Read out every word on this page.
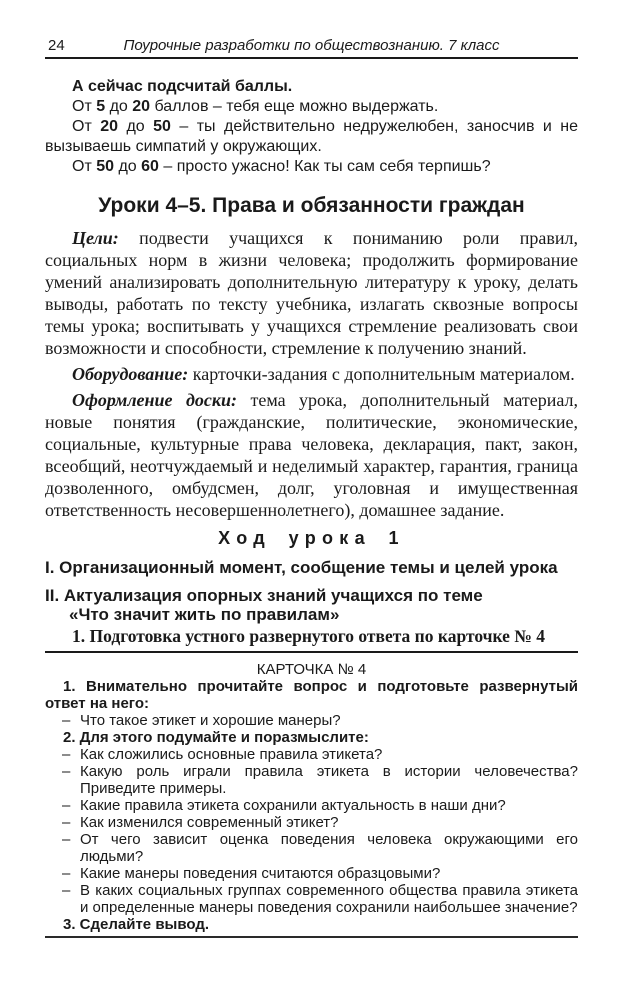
24	Поурочные разработки по обществознанию. 7 класс

А сейчас подсчитай баллы.

От 5 до 20 баллов – тебя еще можно выдержать.

От 20 до 50 – ты действительно недружелюбен, заносчив и не вызываешь симпатий у окружающих.

От 50 до 60 – просто ужасно! Как ты сам себя терпишь?

Уроки 4–5. Права и обязанности граждан

Цели: подвести учащихся к пониманию роли правил, социальных норм в жизни человека; продолжить формирование умений анализировать дополнительную литературу к уроку, делать выводы, работать по тексту учебника, излагать сквозные вопросы темы урока; воспитывать у учащихся стремление реализовать свои возможности и способности, стремление к получению знаний.

Оборудование: карточки-задания с дополнительным материалом.

Оформление доски: тема урока, дополнительный материал, новые понятия (гражданские, политические, экономические, социальные, культурные права человека, декларация, пакт, закон, всеобщий, неотчуждаемый и неделимый характер, гарантия, граница дозволенного, омбудсмен, долг, уголовная и имущественная ответственность несовершеннолетнего), домашнее задание.

Ход урока 1

I. Организационный момент, сообщение темы и целей урока

II. Актуализация опорных знаний учащихся по теме
«Что значит жить по правилам»

1. Подготовка устного развернутого ответа по карточке № 4

КАРТОЧКА № 4

1. Внимательно прочитайте вопрос и подготовьте развернутый ответ на него:

– Что такое этикет и хорошие манеры?

2. Для этого подумайте и поразмыслите:

– Как сложились основные правила этикета?
– Какую роль играли правила этикета в истории человечества? Приведите примеры.
– Какие правила этикета сохранили актуальность в наши дни?
– Как изменился современный этикет?
– От чего зависит оценка поведения человека окружающими его людьми?
– Какие манеры поведения считаются образцовыми?
– В каких социальных группах современного общества правила этикета и определенные манеры поведения сохранили наибольшее значение?

3. Сделайте вывод.
